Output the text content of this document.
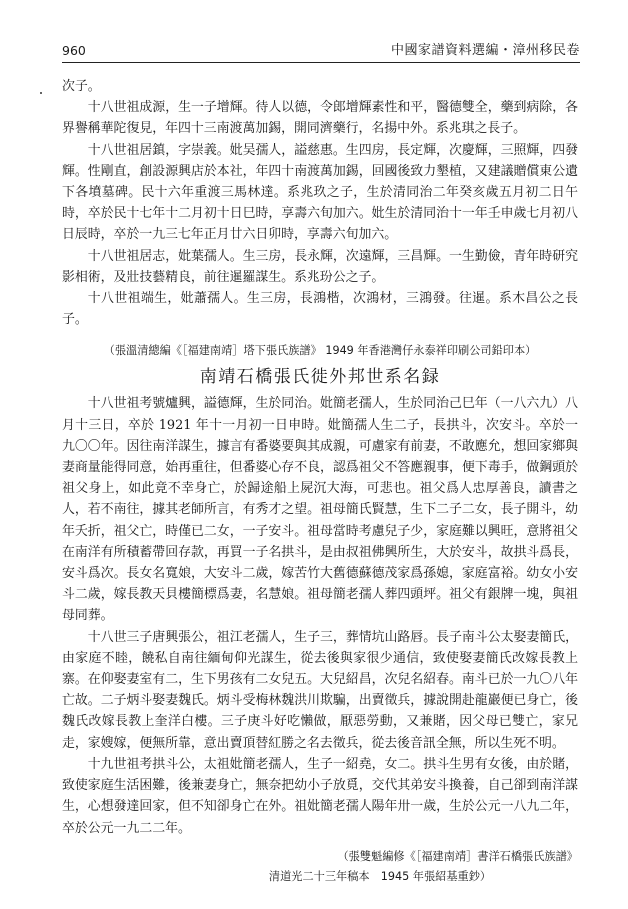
960	中國家譜資料選編・漳州移民卷

次子。

十八世祖成源，生一子增輝。待人以德，令郎增輝素性和平，醫德雙全，藥到病除，各界譽稱華陀復見，年四十三南渡萬加錫，開同濟藥行，名揚中外。系兆琪之長子。

十八世祖居鎮，字崇義。妣吴孺人，謚慈惠。生四房，長定輝，次慶輝，三照輝，四發輝。性剛直，創設源興店於本社，年四十南渡萬加錫，回國後致力墾植，又建議贈償東公遺下各墳墓碑。民十六年重渡三馬林達。系兆玖之子，生於清同治二年癸亥歲五月初二日午時，卒於民十七年十二月初十日巳時，享壽六旬加六。妣生於清同治十一年壬申歲七月初八日辰時，卒於一九三七年正月廿六日卯時，享壽六旬加六。

十八世祖居志，妣葉孺人。生三房，長永輝，次遠輝，三昌輝。一生勤儉，青年時研究影相術，及壯技藝精良，前往暹羅謀生。系兆玢公之子。

十八世祖端生，妣蕭孺人。生三房，長鴻楷，次鴻材，三鴻發。往暹。系木昌公之長子。

（張溫清總編《［福建南靖］塔下張氏族譜》 1949 年香港灣仔永泰祥印刷公司鉛印本）
南靖石橋張氏徙外邦世系名録

十八世祖考號爐興，謚德輝，生於同治。妣簡老孺人，生於同治己巳年（一八六九）八月十三日，卒於 1921 年十一月初一日申時。妣簡孺人生二子，長拱斗，次安斗。卒於一九〇〇年。因往南洋謀生，據言有番婆要與其成親，可慮家有前妻，不敢應允，想回家鄉與妻商量能得同意，始再重往，但番婆心存不良，認爲祖父不答應親事，便下毒手，做鋼頭於祖父身上，如此竟不幸身亡，於歸途船上屍沉大海，可悲也。祖父爲人忠厚善良，讀書之人，若不南往，據其老師所言，有秀才之望。祖母簡氏賢慧，生下二子二女，長子開斗，幼年夭折，祖父亡，時僅已二女，一子安斗。祖母當時考慮兒子少，家庭難以興旺，意將祖父在南洋有所積蓄帶回存款，再買一子名拱斗，是由叔祖佛興所生，大於安斗，故拱斗爲長，安斗爲次。長女名寬娘，大安斗二歲，嫁苦竹大舊德蘇德茂家爲孫媳，家庭富裕。幼女小安斗二歲，嫁長教天貝樓簡標爲妻，名慧娘。祖母簡老孺人葬四頭坪。祖父有銀牌一塊，與祖母同葬。

十八世三子唐興張公，祖江老孺人，生子三，葬情坑山路唇。長子南斗公太娶妻簡氏，由家庭不睦，饒私自南往緬甸仰光謀生，從去後與家很少通信，致使娶妻簡氏改嫁長教上寨。在仰娶妻室有二，生下男孩有二女兒五。大兒紹昌，次兒名紹春。南斗已於一九〇八年亡故。二子炳斗娶妻魏氏。炳斗受梅林魏洪川欺騙，出賣徵兵，據說開赴龍巖便已身亡，後魏氏改嫁長教上奎洋白樓。三子庚斗好吃懶做，厭惡勞動，又兼賭，因父母已雙亡，家兄走，家嫂嫁，便無所靠，意出賣頂替紅勝之名去徵兵，從去後音訊全無，所以生死不明。

十九世祖考拱斗公，太祖妣簡老孺人，生子一紹堯，女二。拱斗生男有女後，由於賭，致使家庭生活困難，後兼妻身亡，無奈把幼小子放覓，交代其弟安斗換養，自己卻到南洋謀生，心想發達回家，但不知卻身亡在外。祖妣簡老孺人陽年卅一歲，生於公元一八九二年，卒於公元一九二二年。

（張雙魁編修《［福建南靖］書洋石橋張氏族譜》
清道光二十三年稿本　1945 年張紹基重鈔）
